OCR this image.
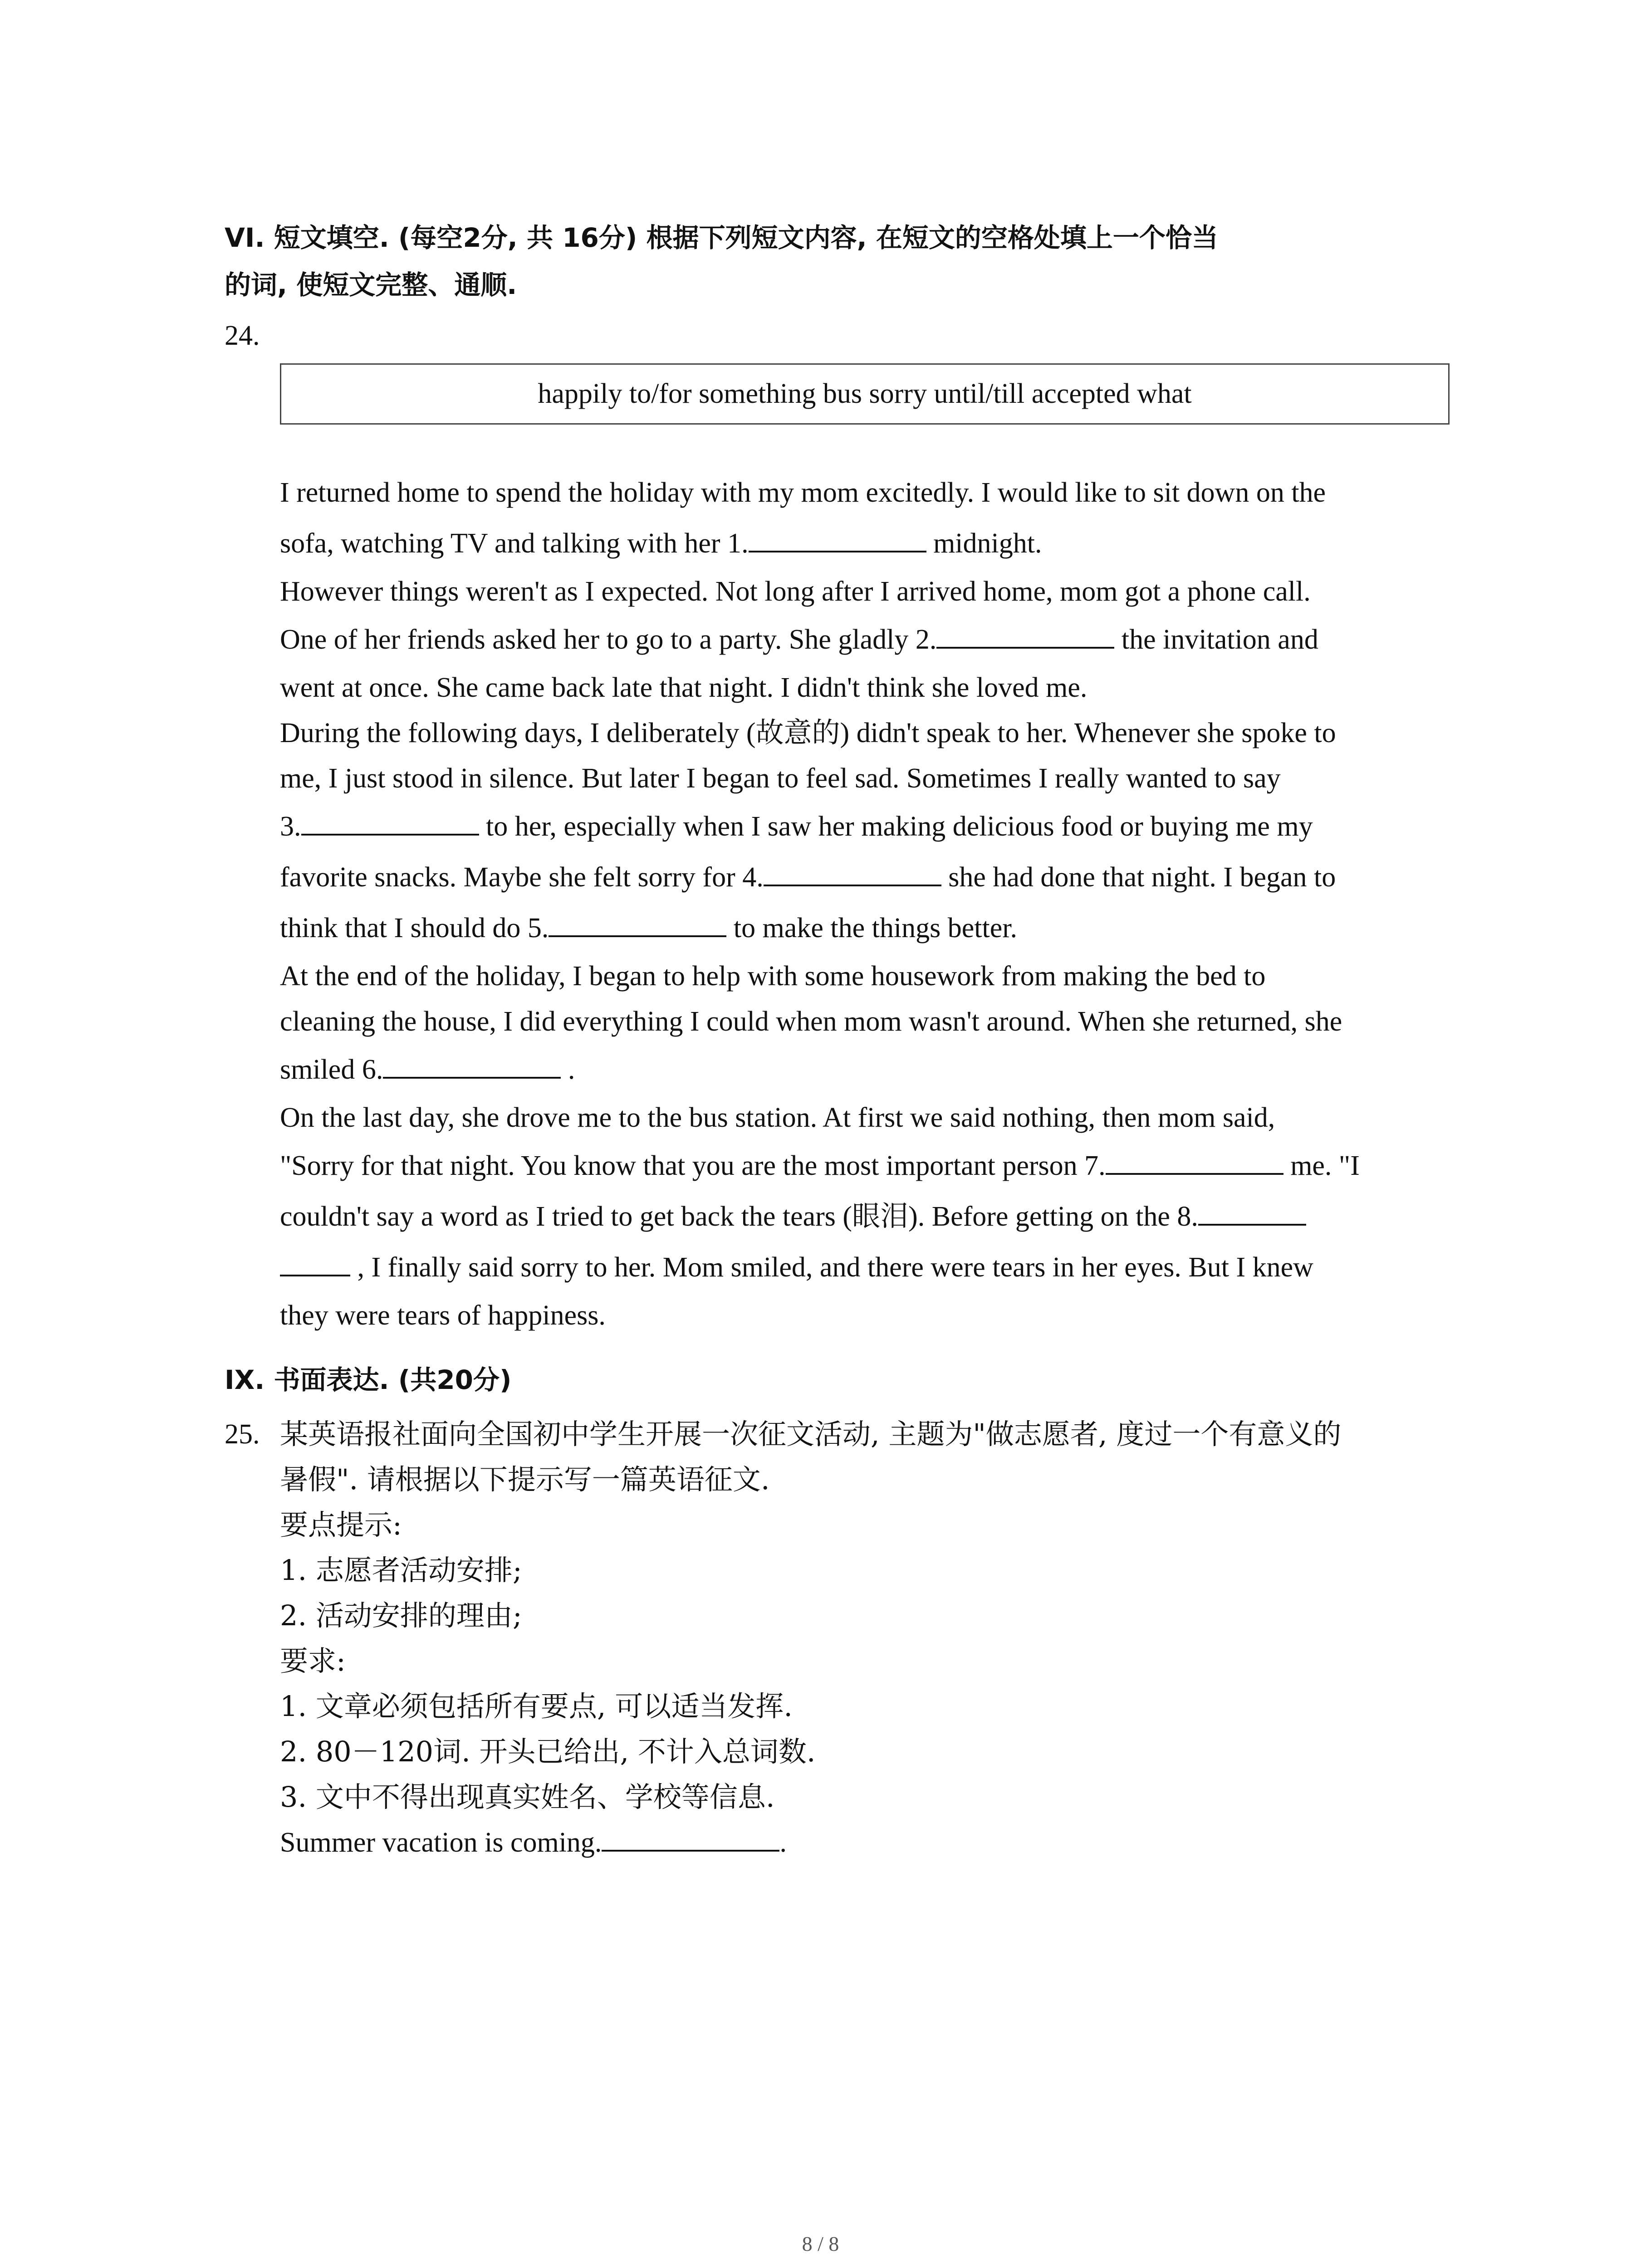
VI. 短文填空. (每空2分, 共 16分) 根据下列短文内容, 在短文的空格处填上一个恰当
的词, 使短文完整、通顺.
24.
happily to/for something bus sorry until/till accepted what
I returned home to spend the holiday with my mom excitedly. I would like to sit down on the
sofa, watching TV and talking with her 1.	midnight.
However things weren't as I expected. Not long after I arrived home, mom got a phone call.
One of her friends asked her to go to a party. She gladly 2.	the invitation and
went at once. She came back late that night. I didn't think she loved me.
During the following days, I deliberately (故意的) didn't speak to her. Whenever she spoke to
me, I just stood in silence. But later I began to feel sad. Sometimes I really wanted to say
3.	to her, especially when I saw her making delicious food or buying me my
favorite snacks. Maybe she felt sorry for 4.	she had done that night. I began to
think that I should do 5.	to make the things better.
At the end of the holiday, I began to help with some housework from making the bed to
cleaning the house, I did everything I could when mom wasn't around. When she returned, she
smiled 6.	.
On the last day, she drove me to the bus station. At first we said nothing, then mom said,
"Sorry for that night. You know that you are the most important person 7.	me. "I
couldn't say a word as I tried to get back the tears (眼泪). Before getting on the 8.
, I finally said sorry to her. Mom smiled, and there were tears in her eyes. But I knew
they were tears of happiness.
IX. 书面表达. (共20分)
25. 某英语报社面向全国初中学生开展一次征文活动, 主题为"做志愿者, 度过一个有意义的
暑假". 请根据以下提示写一篇英语征文.
要点提示:
1. 志愿者活动安排;
2. 活动安排的理由;
要求:
1. 文章必须包括所有要点, 可以适当发挥.
2. 80－120词. 开头已给出, 不计入总词数.
3. 文中不得出现真实姓名、学校等信息.
Summer vacation is coming.	.
8 / 8
